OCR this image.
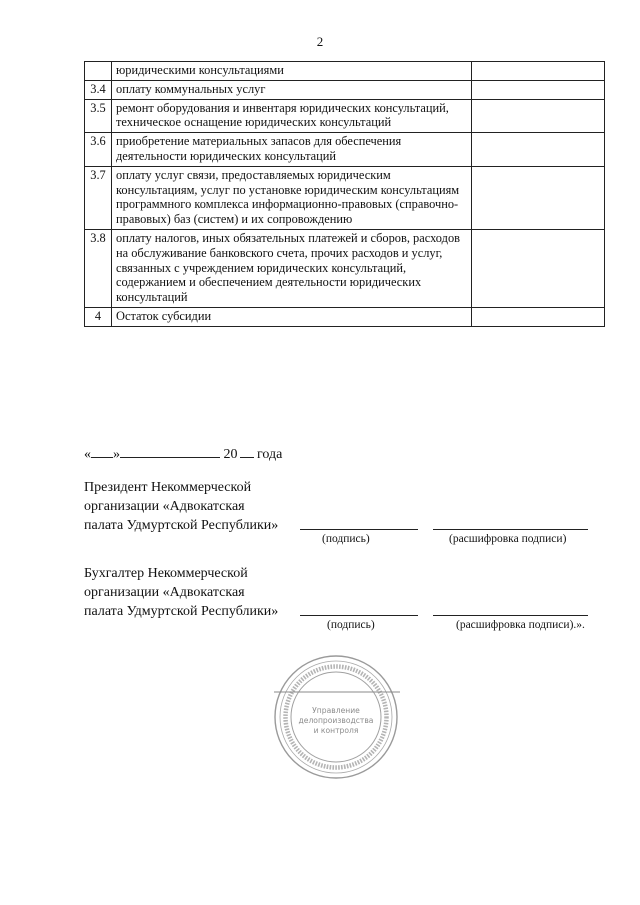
2
	юридическими консультациями	
3.4	оплату коммунальных услуг	
3.5	ремонт оборудования и инвентаря юридических консультаций, техническое оснащение юридических консультаций	
3.6	приобретение материальных запасов для обеспечения деятельности юридических консультаций	
3.7	оплату услуг связи, предоставляемых юридическим консультациям, услуг по установке юридическим консультациям программного комплекса информационно-правовых (справочно-правовых) баз (систем) и их сопровождению	
3.8	оплату налогов, иных обязательных платежей и сборов, расходов на обслуживание банковского счета, прочих расходов и услуг, связанных с учреждением юридических консультаций, содержанием и обеспечением деятельности юридических консультаций	
4	Остаток субсидии	
« »	20 года
Президент Некоммерческой
организации «Адвокатская
палата Удмуртской Республики»
(подпись)	(расшифровка подписи)
Бухгалтер Некоммерческой
организации «Адвокатская
палата Удмуртской Республики»
(подпись)	(расшифровка подписи).».
Управление
делопроизводства
и контроля
